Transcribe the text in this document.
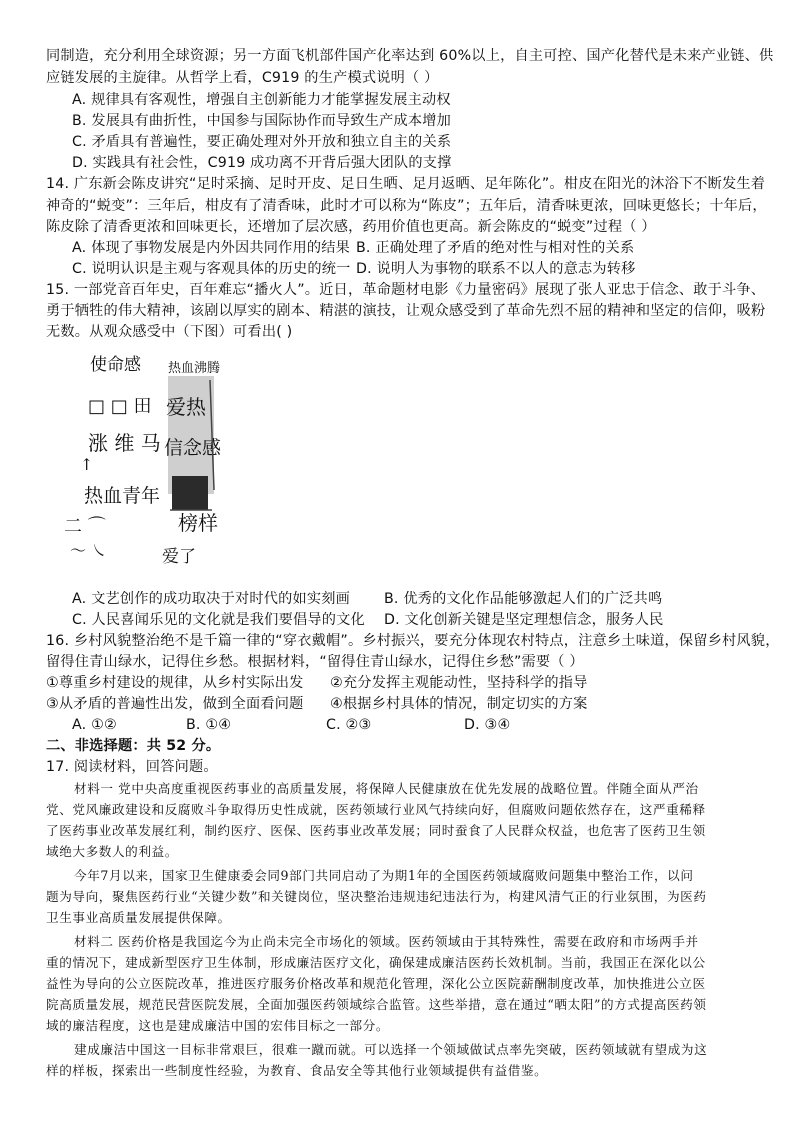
同制造，充分利用全球资源；另一方面飞机部件国产化率达到 60%以上，自主可控、国产化替代是未来产业链、供
应链发展的主旋律。从哲学上看，C919 的生产模式说明（ ）
A. 规律具有客观性，增强自主创新能力才能掌握发展主动权
B. 发展具有曲折性，中国参与国际协作而导致生产成本增加
C. 矛盾具有普遍性，要正确处理对外开放和独立自主的关系
D. 实践具有社会性，C919 成功离不开背后强大团队的支撑
14. 广东新会陈皮讲究“足时采摘、足时开皮、足日生晒、足月返晒、足年陈化”。柑皮在阳光的沐浴下不断发生着
神奇的“蜕变”：三年后，柑皮有了清香味，此时才可以称为“陈皮”；五年后，清香味更浓，回味更悠长；十年后，
陈皮除了清香更浓和回味更长，还增加了层次感，药用价值也更高。新会陈皮的“蜕变”过程（ ）
A. 体现了事物发展是内外因共同作用的结果 B. 正确处理了矛盾的绝对性与相对性的关系
C. 说明认识是主观与客观具体的历史的统一 D. 说明人为事物的联系不以人的意志为转移
15. 一部党音百年史，百年难忘“播火人”。近日，革命题材电影《力量密码》展现了张人亚忠于信念、敢于斗争、
勇于牺牲的伟大精神，该剧以厚实的剧本、精湛的演技，让观众感受到了革命先烈不屈的精神和坚定的信仰，吸粉
无数。从观众感受中（下图）可看出( )
使命感
□ □ 田
涨 维 马
↑
热血青年
二 ⌒
〜 ㇏
热血沸腾
爱热
信念感
榜样
爱了
A. 文艺创作的成功取决于对时代的如实刻画 B. 优秀的文化作品能够激起人们的广泛共鸣
C. 人民喜闻乐见的文化就是我们要倡导的文化 D. 文化创新关键是坚定理想信念，服务人民
16. 乡村风貌整治绝不是千篇一律的“穿衣戴帽”。乡村振兴，要充分体现农村特点，注意乡土味道，保留乡村风貌，
留得住青山绿水，记得住乡愁。根据材料，“留得住青山绿水，记得住乡愁”需要（ ）
①尊重乡村建设的规律，从乡村实际出发 ②充分发挥主观能动性，坚持科学的指导
③从矛盾的普遍性出发，做到全面看问题 ④根据乡村具体的情况，制定切实的方案
A. ①②	B. ①④	C. ②③	D. ③④
二、非选择题：共 52 分。
17. 阅读材料，回答问题。
材料一 党中央高度重视医药事业的高质量发展，将保障人民健康放在优先发展的战略位置。伴随全面从严治
党、党风廉政建设和反腐败斗争取得历史性成就，医药领域行业风气持续向好，但腐败问题依然存在，这严重稀释
了医药事业改革发展红利，制约医疗、医保、医药事业改革发展；同时蚕食了人民群众权益，也危害了医药卫生领
域绝大多数人的利益。
今年7月以来，国家卫生健康委会同9部门共同启动了为期1年的全国医药领域腐败问题集中整治工作，以问
题为导向，聚焦医药行业“关键少数”和关键岗位，坚决整治违规违纪违法行为，构建风清气正的行业氛围，为医药
卫生事业高质量发展提供保障。
材料二 医药价格是我国迄今为止尚未完全市场化的领域。医药领域由于其特殊性，需要在政府和市场两手并
重的情况下，建成新型医疗卫生体制，形成廉洁医疗文化，确保建成廉洁医药长效机制。当前，我国正在深化以公
益性为导向的公立医院改革，推进医疗服务价格改革和规范化管理，深化公立医院薪酬制度改革，加快推进公立医
院高质量发展，规范民营医院发展，全面加强医药领域综合监管。这些举措，意在通过“晒太阳”的方式提高医药领
域的廉洁程度，这也是建成廉洁中国的宏伟目标之一部分。
建成廉洁中国这一目标非常艰巨，很难一蹴而就。可以选择一个领域做试点率先突破，医药领域就有望成为这
样的样板，探索出一些制度性经验，为教育、食品安全等其他行业领域提供有益借鉴。
